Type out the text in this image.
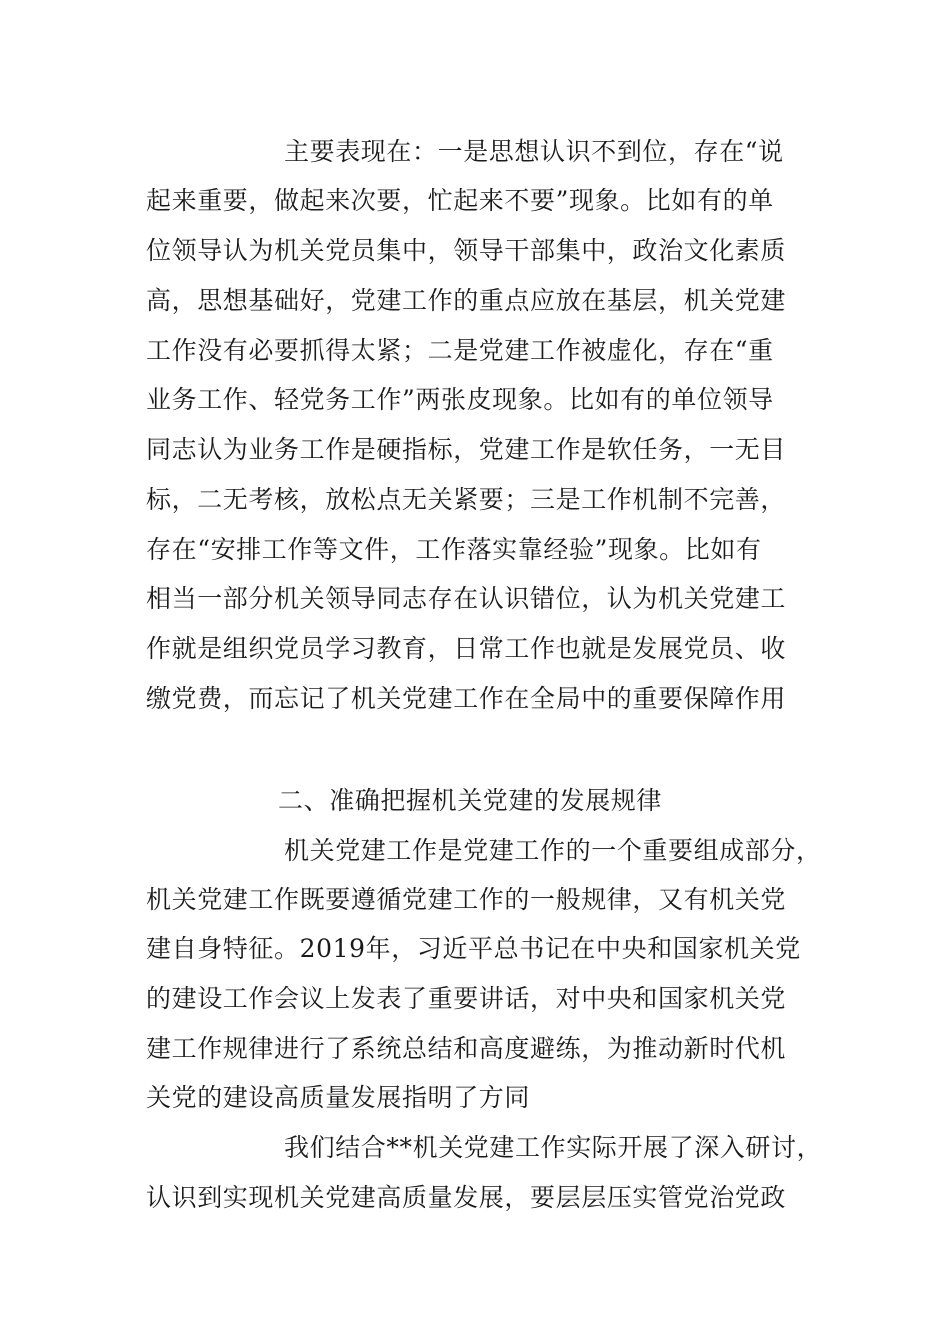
主要表现在：一是思想认识不到位，存在“说
起来重要，做起来次要，忙起来不要”现象。比如有的单
位领导认为机关党员集中，领导干部集中，政治文化素质
高，思想基础好，党建工作的重点应放在基层，机关党建
工作没有必要抓得太紧；二是党建工作被虚化，存在“重
业务工作、轻党务工作”两张皮现象。比如有的单位领导
同志认为业务工作是硬指标，党建工作是软任务，一无目
标，二无考核，放松点无关紧要；三是工作机制不完善，
存在“安排工作等文件，工作落实靠经验”现象。比如有
相当一部分机关领导同志存在认识错位，认为机关党建工
作就是组织党员学习教育，日常工作也就是发展党员、收
缴党费，而忘记了机关党建工作在全局中的重要保障作用
二、准确把握机关党建的发展规律
机关党建工作是党建工作的一个重要组成部分，
机关党建工作既要遵循党建工作的一般规律，又有机关党
建自身特征。2019年，习近平总书记在中央和国家机关党
的建设工作会议上发表了重要讲话，对中央和国家机关党
建工作规律进行了系统总结和高度避练，为推动新时代机
关党的建设高质量发展指明了方同
我们结合**机关党建工作实际开展了深入研讨，
认识到实现机关党建高质量发展，要层层压实管党治党政
